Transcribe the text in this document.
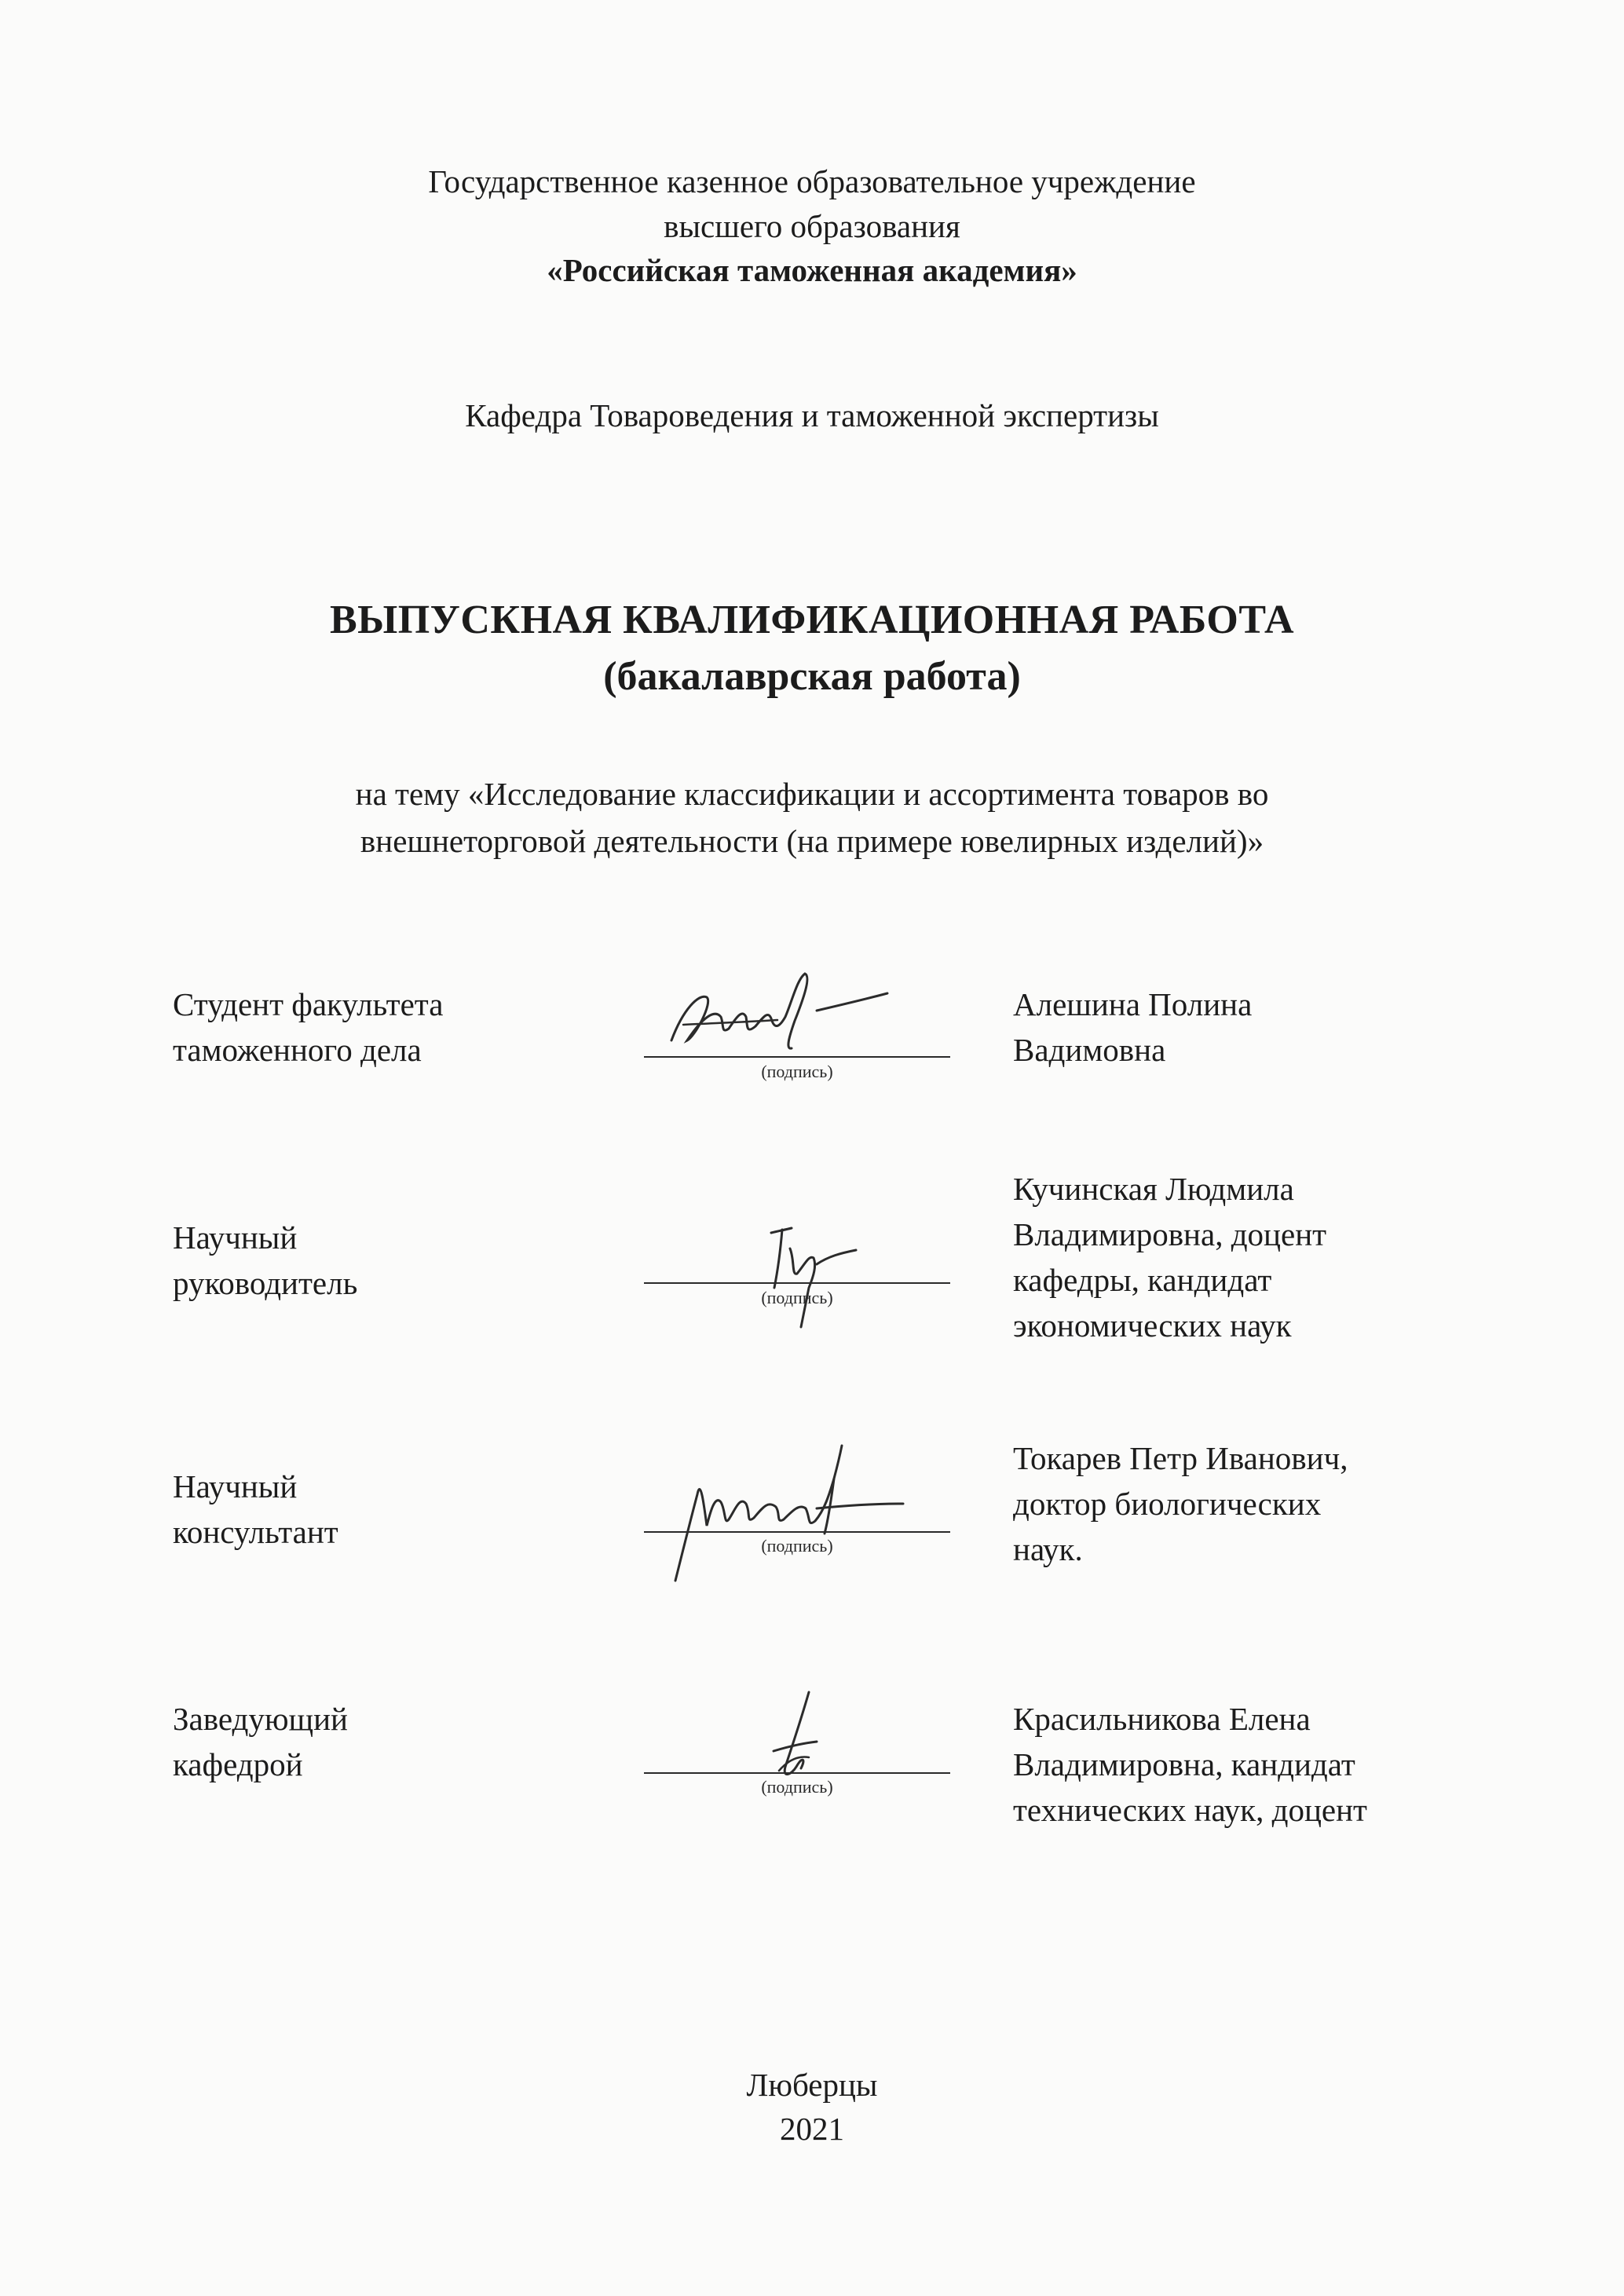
Государственное казенное образовательное учреждение
высшего образования
«Российская таможенная академия»
Кафедра Товароведения и таможенной экспертизы
ВЫПУСКНАЯ КВАЛИФИКАЦИОННАЯ РАБОТА
(бакалаврская работа)
на тему «Исследование классификации и ассортимента товаров во
внешнеторговой деятельности (на примере ювелирных изделий)»
Студент факультета
таможенного дела
(подпись)
Алешина Полина
Вадимовна
Научный
руководитель	(подпись)
Кучинская Людмила
Владимировна, доцент
кафедры, кандидат
экономических наук
Научный
консультант	(подпись)
Токарев Петр Иванович,
доктор биологических
наук.
Заведующий
кафедрой
(подпись)
Красильникова Елена
Владимировна, кандидат
технических наук, доцент
Люберцы
2021
